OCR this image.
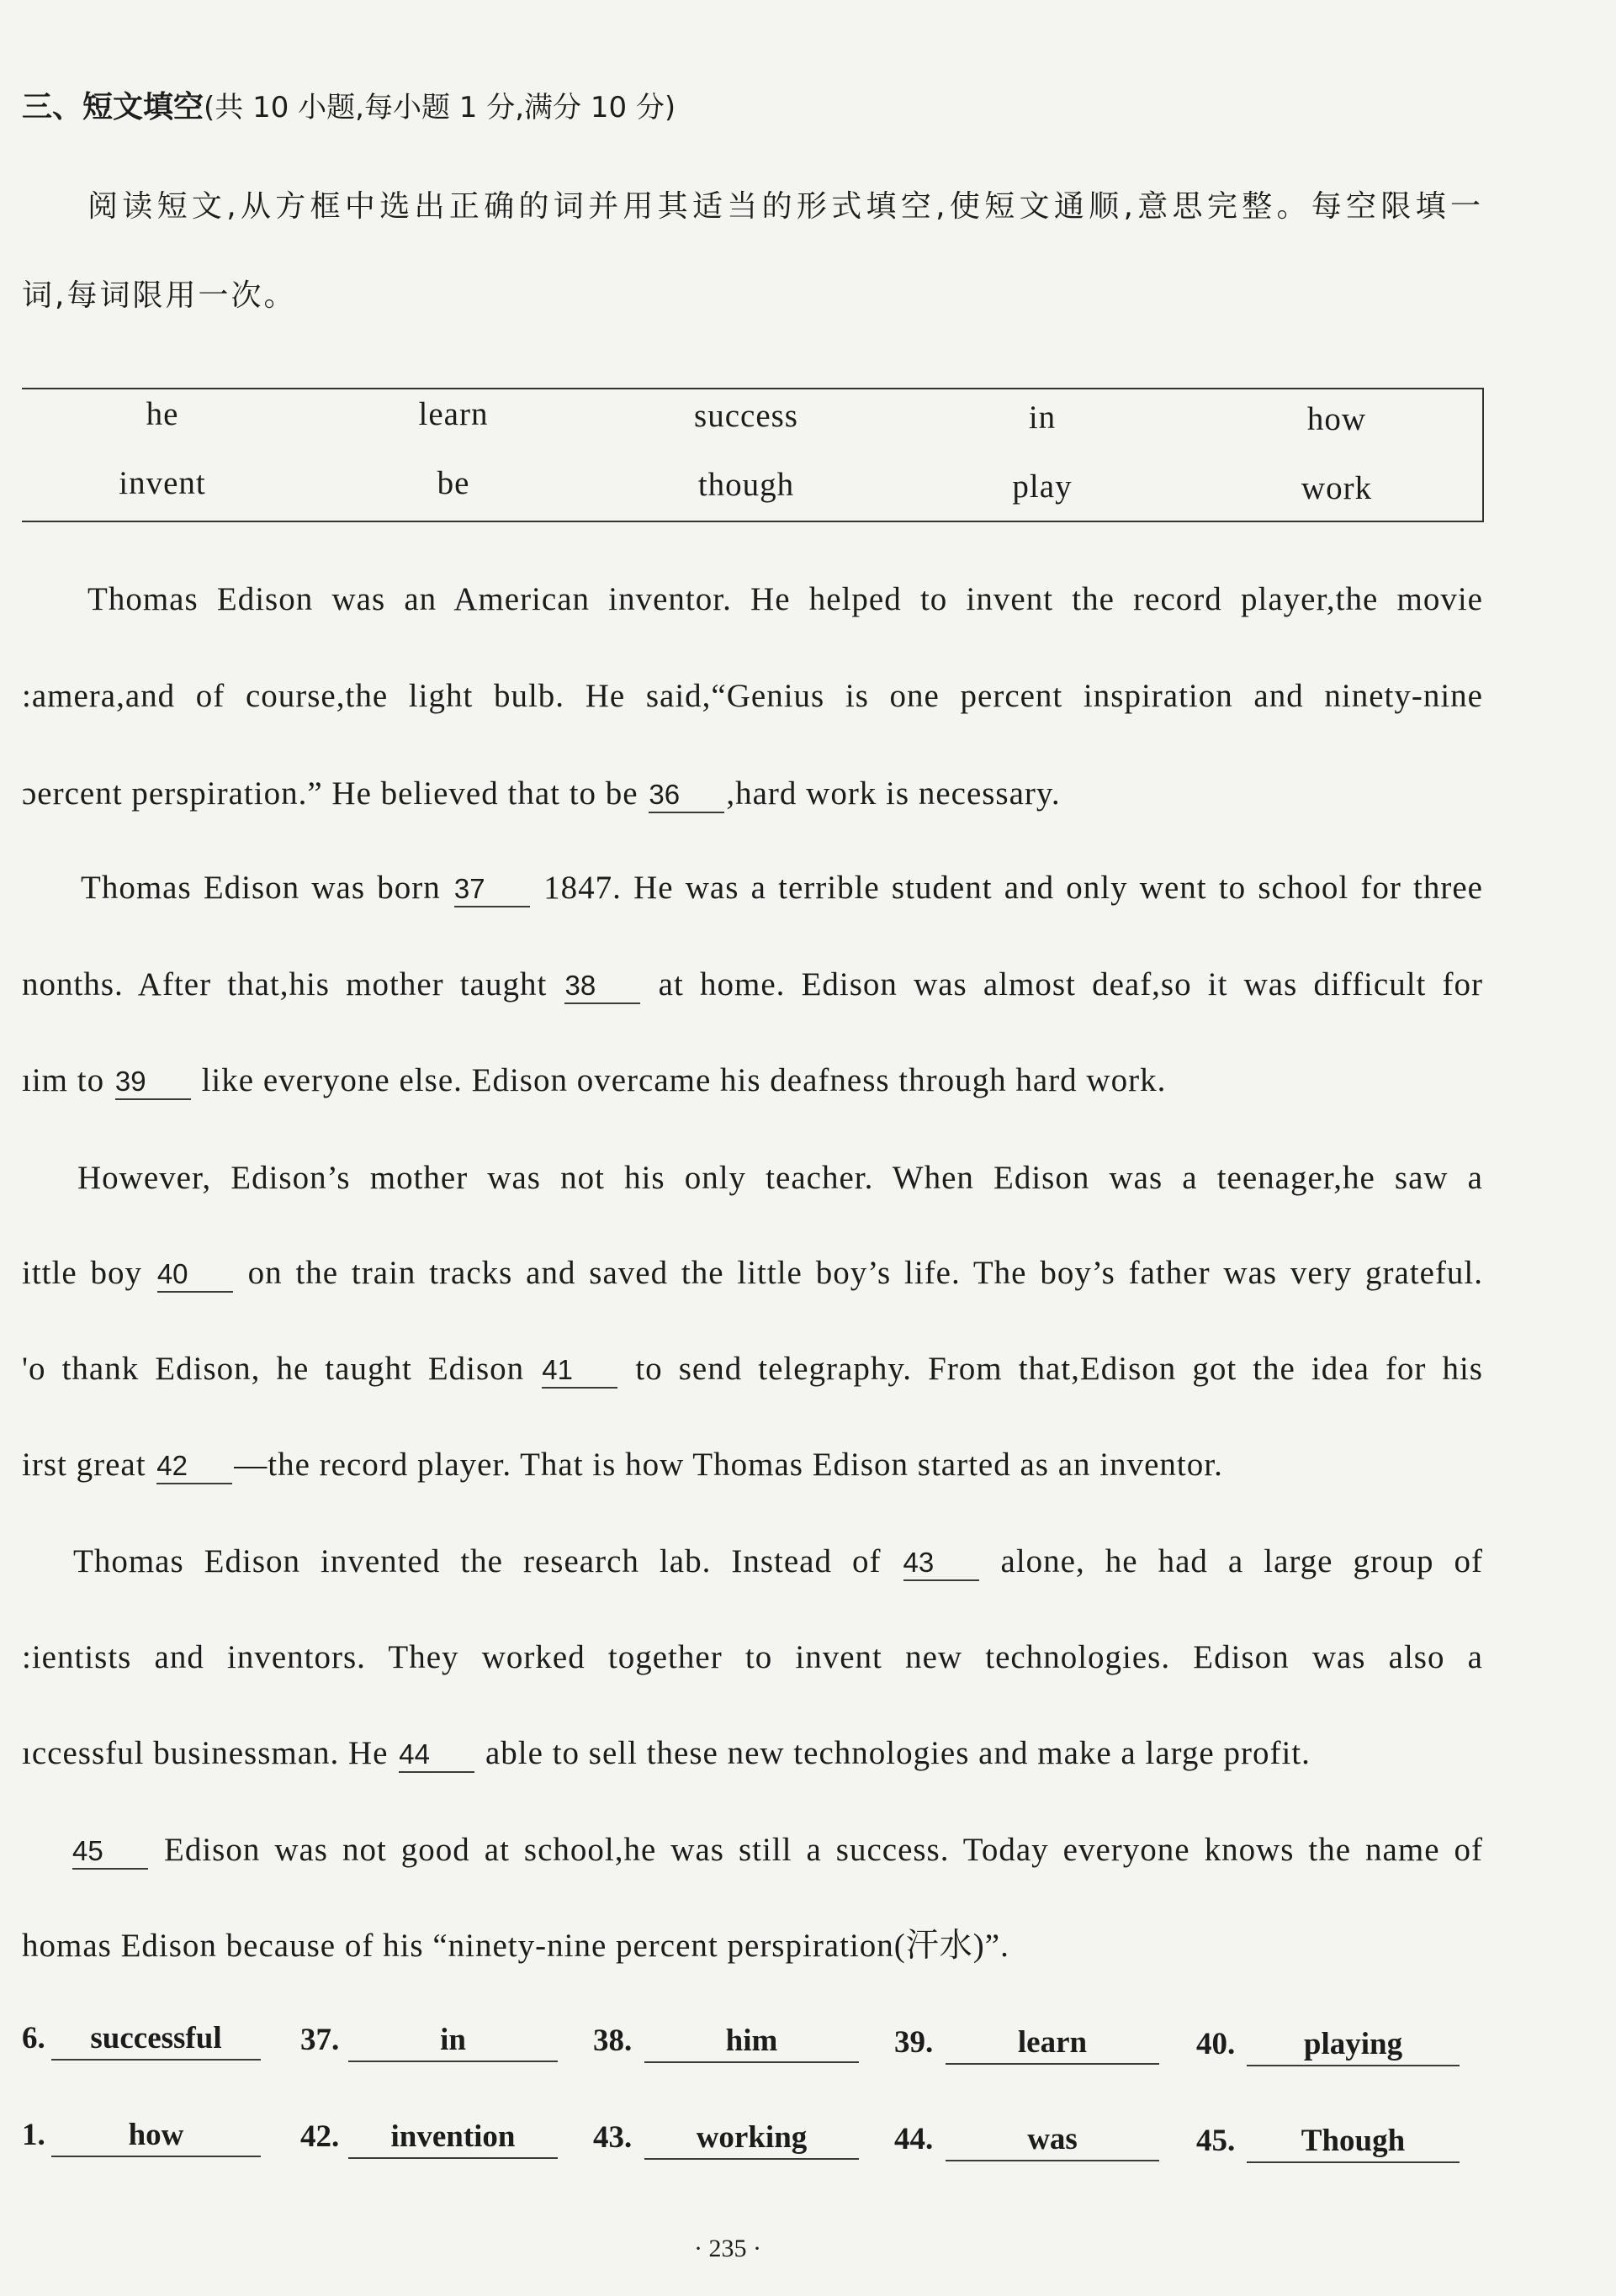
三、短文填空(共 10 小题,每小题 1 分,满分 10 分)
阅读短文,从方框中选出正确的词并用其适当的形式填空,使短文通顺,意思完整。每空限填一
词,每词限用一次。
he	learn	success	in	how
invent	be	though	play	work
Thomas Edison was an American inventor. He helped to invent the record player,the movie
:amera,and of course,the light bulb. He said,“Genius is one percent inspiration and ninety-nine
ɔercent perspiration.” He believed that to be 36 ,hard work is necessary.
Thomas Edison was born 37 1847. He was a terrible student and only went to school for three
nonths. After that,his mother taught 38 at home. Edison was almost deaf,so it was difficult for
ıim to 39 like everyone else. Edison overcame his deafness through hard work.
However, Edison’s mother was not his only teacher. When Edison was a teenager,he saw a
ittle boy 40 on the train tracks and saved the little boy’s life. The boy’s father was very grateful.
'o thank Edison, he taught Edison 41 to send telegraphy. From that,Edison got the idea for his
irst great 42 —the record player. That is how Thomas Edison started as an inventor.
Thomas Edison invented the research lab. Instead of 43 alone, he had a large group of
:ientists and inventors. They worked together to invent new technologies. Edison was also a
ıccessful businessman. He 44 able to sell these new technologies and make a large profit.
45 Edison was not good at school,he was still a success. Today everyone knows the name of
homas Edison because of his “ninety-nine percent perspiration(汗水)”.
6.	successful	37.	in	38.	him	39.	learn	40.	playing
1.	how	42.	invention	43.	working	44.	was	45.	Though
· 235 ·
